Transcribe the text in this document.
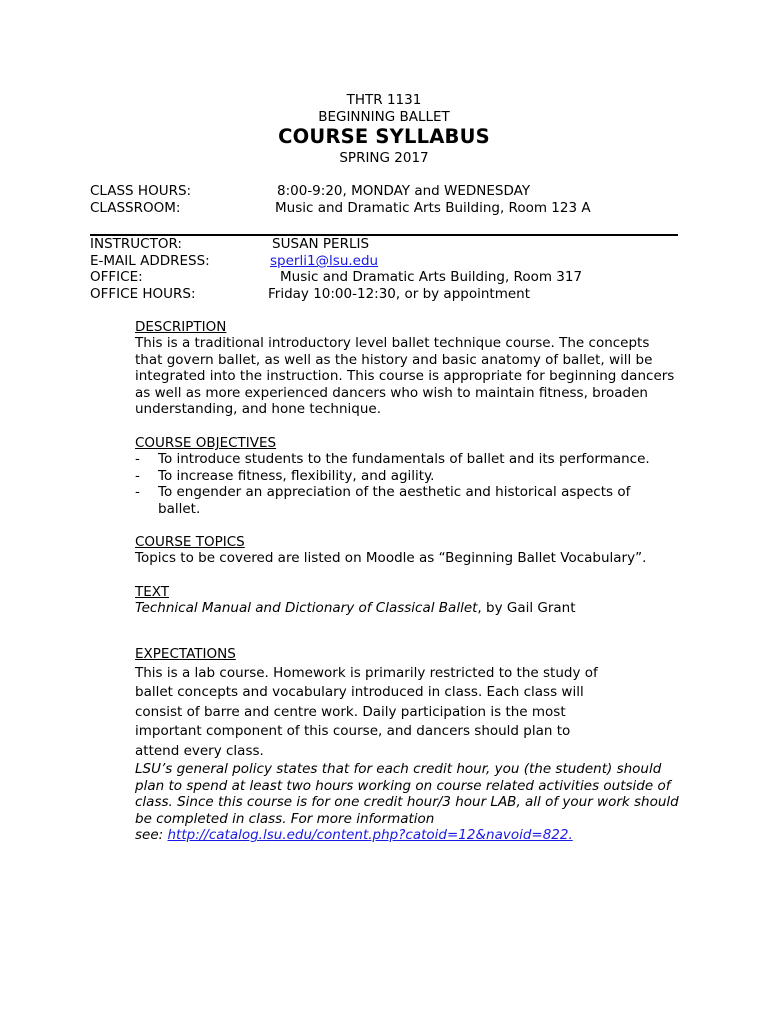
THTR 1131
BEGINNING BALLET
COURSE SYLLABUS
SPRING 2017
CLASS HOURS:	8:00-9:20, MONDAY and WEDNESDAY
CLASSROOM:	Music and Dramatic Arts Building, Room 123 A
INSTRUCTOR:	SUSAN PERLIS
E-MAIL ADDRESS:	sperli1@lsu.edu
OFFICE:	Music and Dramatic Arts Building, Room 317
OFFICE HOURS:	Friday 10:00-12:30, or by appointment
DESCRIPTION
This is a traditional introductory level ballet technique course. The concepts that govern ballet, as well as the history and basic anatomy of ballet, will be integrated into the instruction. This course is appropriate for beginning dancers as well as more experienced dancers who wish to maintain fitness, broaden understanding, and hone technique.
COURSE OBJECTIVES
- To introduce students to the fundamentals of ballet and its performance.
- To increase fitness, flexibility, and agility.
- To engender an appreciation of the aesthetic and historical aspects of ballet.
COURSE TOPICS
Topics to be covered are listed on Moodle as “Beginning Ballet Vocabulary”.
TEXT
Technical Manual and Dictionary of Classical Ballet, by Gail Grant
EXPECTATIONS
This is a lab course. Homework is primarily restricted to the study of ballet concepts and vocabulary introduced in class. Each class will consist of barre and centre work. Daily participation is the most important component of this course, and dancers should plan to attend every class.
LSU’s general policy states that for each credit hour, you (the student) should plan to spend at least two hours working on course related activities outside of class. Since this course is for one credit hour/3 hour LAB, all of your work should be completed in class. For more information
see: http://catalog.lsu.edu/content.php?catoid=12&navoid=822.
